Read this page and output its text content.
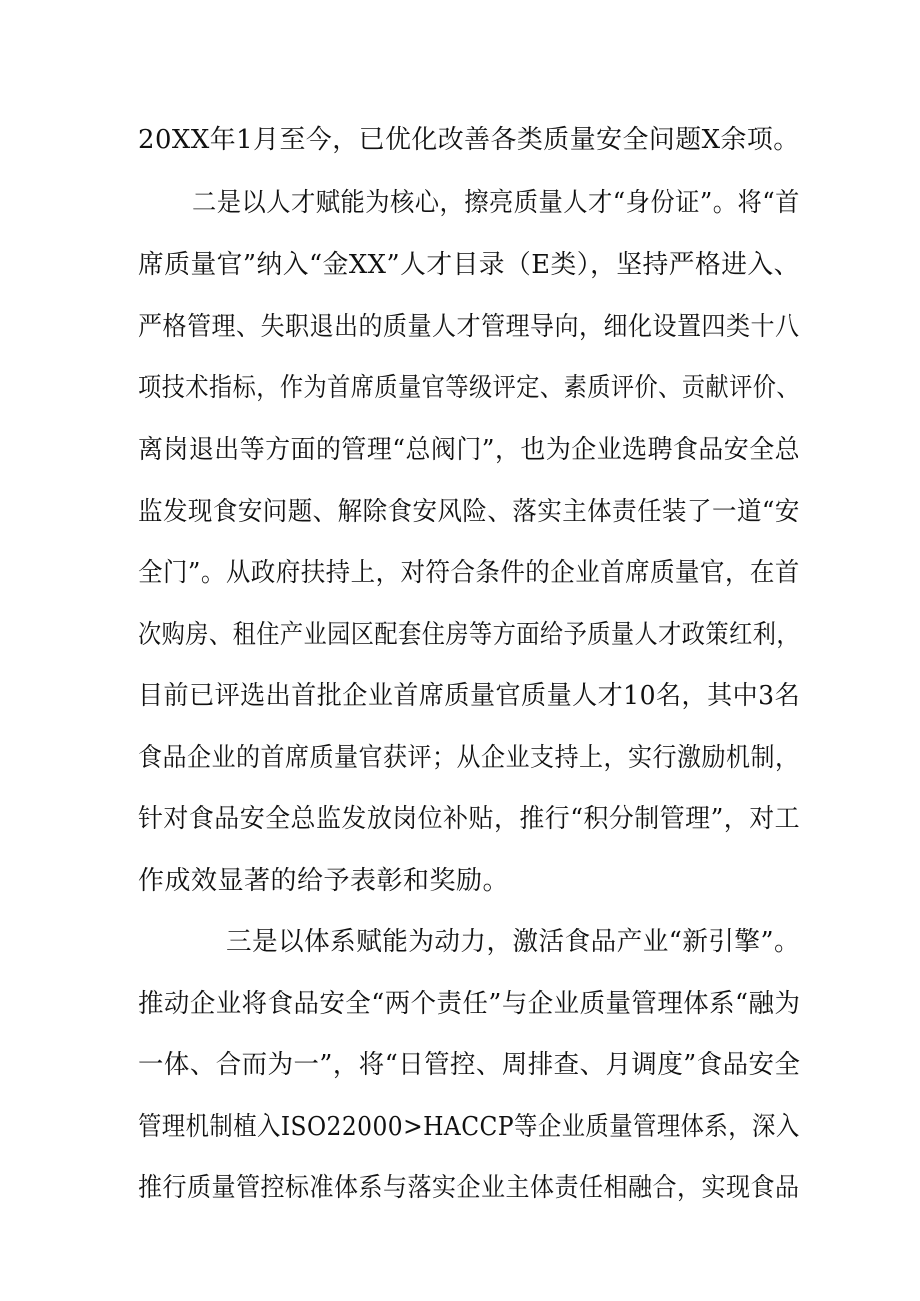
20XX年1月至今，已优化改善各类质量安全问题X余项。
二是以人才赋能为核心，擦亮质量人才“身份证”。将“首
席质量官”纳入“金XX”人才目录（E类），坚持严格进入、
严格管理、失职退出的质量人才管理导向，细化设置四类十八
项技术指标，作为首席质量官等级评定、素质评价、贡献评价、
离岗退出等方面的管理“总阀门”，也为企业选聘食品安全总
监发现食安问题、解除食安风险、落实主体责任装了一道“安
全门”。从政府扶持上，对符合条件的企业首席质量官，在首
次购房、租住产业园区配套住房等方面给予质量人才政策红利，
目前已评选出首批企业首席质量官质量人才10名，其中3名
食品企业的首席质量官获评；从企业支持上，实行激励机制，
针对食品安全总监发放岗位补贴，推行“积分制管理”，对工
作成效显著的给予表彰和奖励。
三是以体系赋能为动力，激活食品产业“新引擎”。
推动企业将食品安全“两个责任”与企业质量管理体系“融为
一体、合而为一”，将“日管控、周排查、月调度”食品安全
管理机制植入ISO22000>HACCP等企业质量管理体系，深入
推行质量管控标准体系与落实企业主体责任相融合，实现食品
